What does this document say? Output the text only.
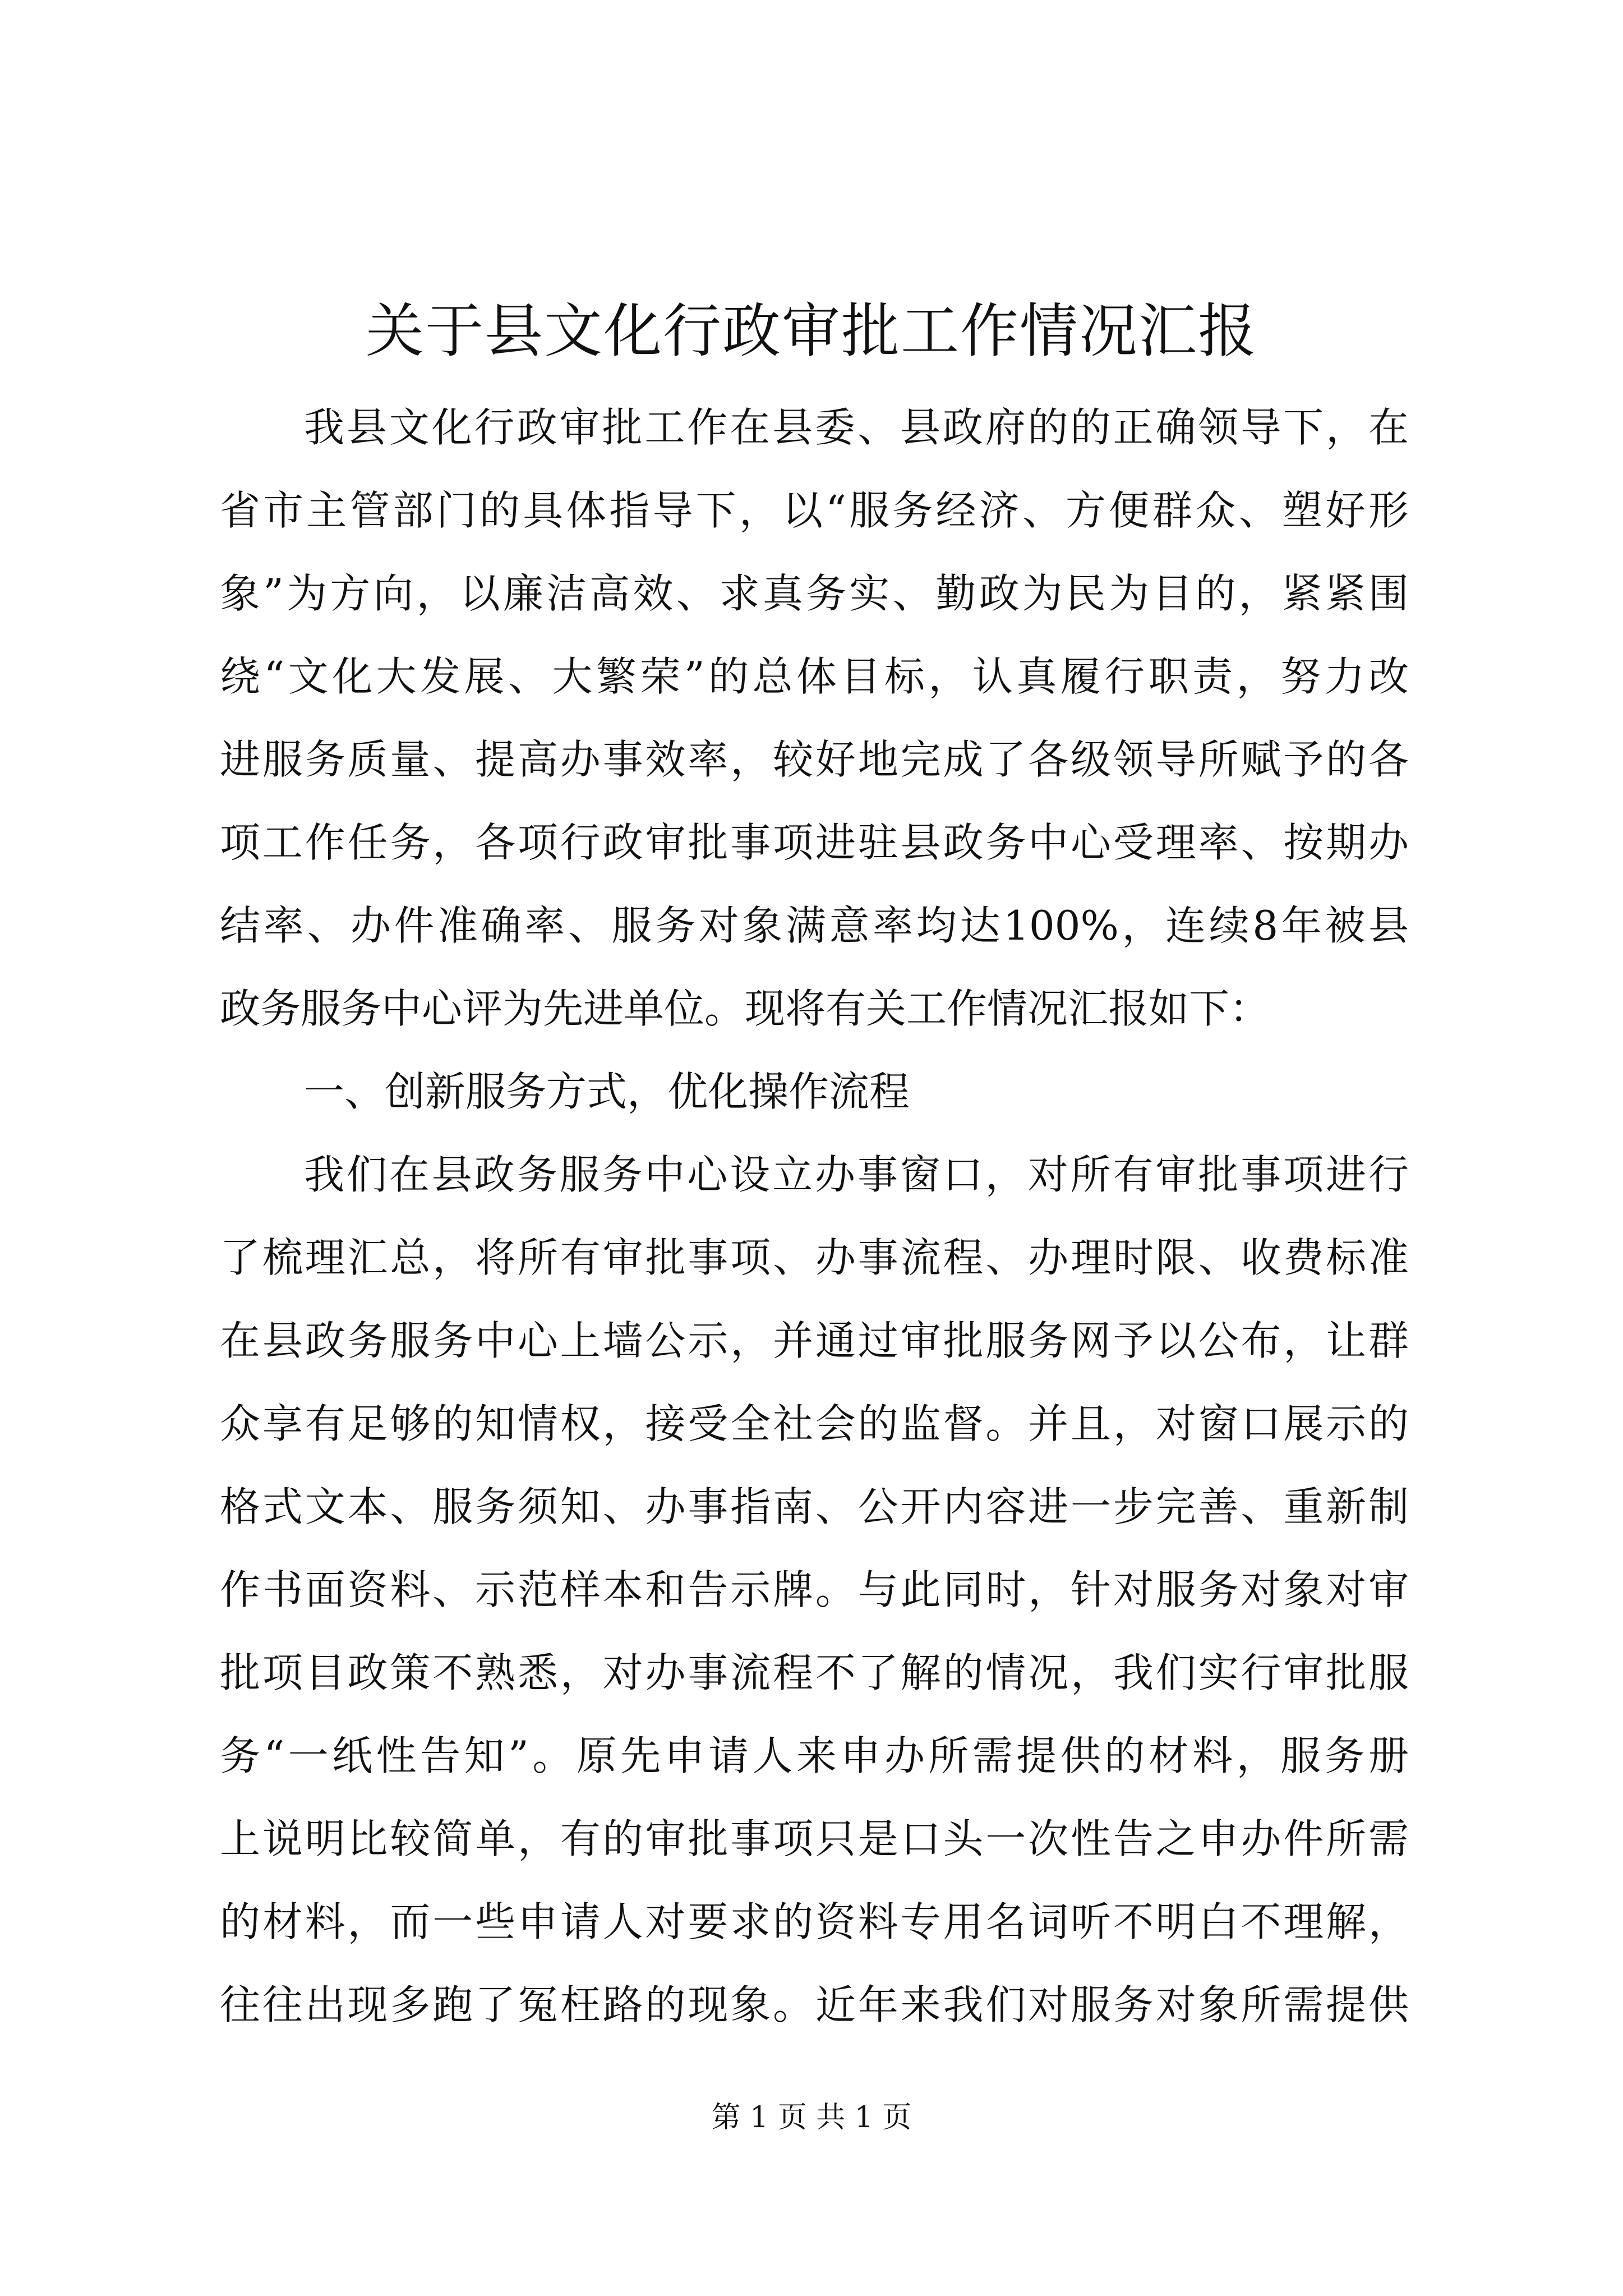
关于县文化行政审批工作情况汇报
我县文化行政审批工作在县委、县政府的的正确领导下，在
省市主管部门的具体指导下，以“服务经济、方便群众、塑好形
象”为方向，以廉洁高效、求真务实、勤政为民为目的，紧紧围
绕“文化大发展、大繁荣”的总体目标，认真履行职责，努力改
进服务质量、提高办事效率，较好地完成了各级领导所赋予的各
项工作任务，各项行政审批事项进驻县政务中心受理率、按期办
结率、办件准确率、服务对象满意率均达100%，连续8年被县
政务服务中心评为先进单位。现将有关工作情况汇报如下：
一、创新服务方式，优化操作流程
我们在县政务服务中心设立办事窗口，对所有审批事项进行
了梳理汇总，将所有审批事项、办事流程、办理时限、收费标准
在县政务服务中心上墙公示，并通过审批服务网予以公布，让群
众享有足够的知情权，接受全社会的监督。并且，对窗口展示的
格式文本、服务须知、办事指南、公开内容进一步完善、重新制
作书面资料、示范样本和告示牌。与此同时，针对服务对象对审
批项目政策不熟悉，对办事流程不了解的情况，我们实行审批服
务“一纸性告知”。原先申请人来申办所需提供的材料，服务册
上说明比较简单，有的审批事项只是口头一次性告之申办件所需
的材料，而一些申请人对要求的资料专用名词听不明白不理解，
往往出现多跑了冤枉路的现象。近年来我们对服务对象所需提供
第 1 页 共 1 页
